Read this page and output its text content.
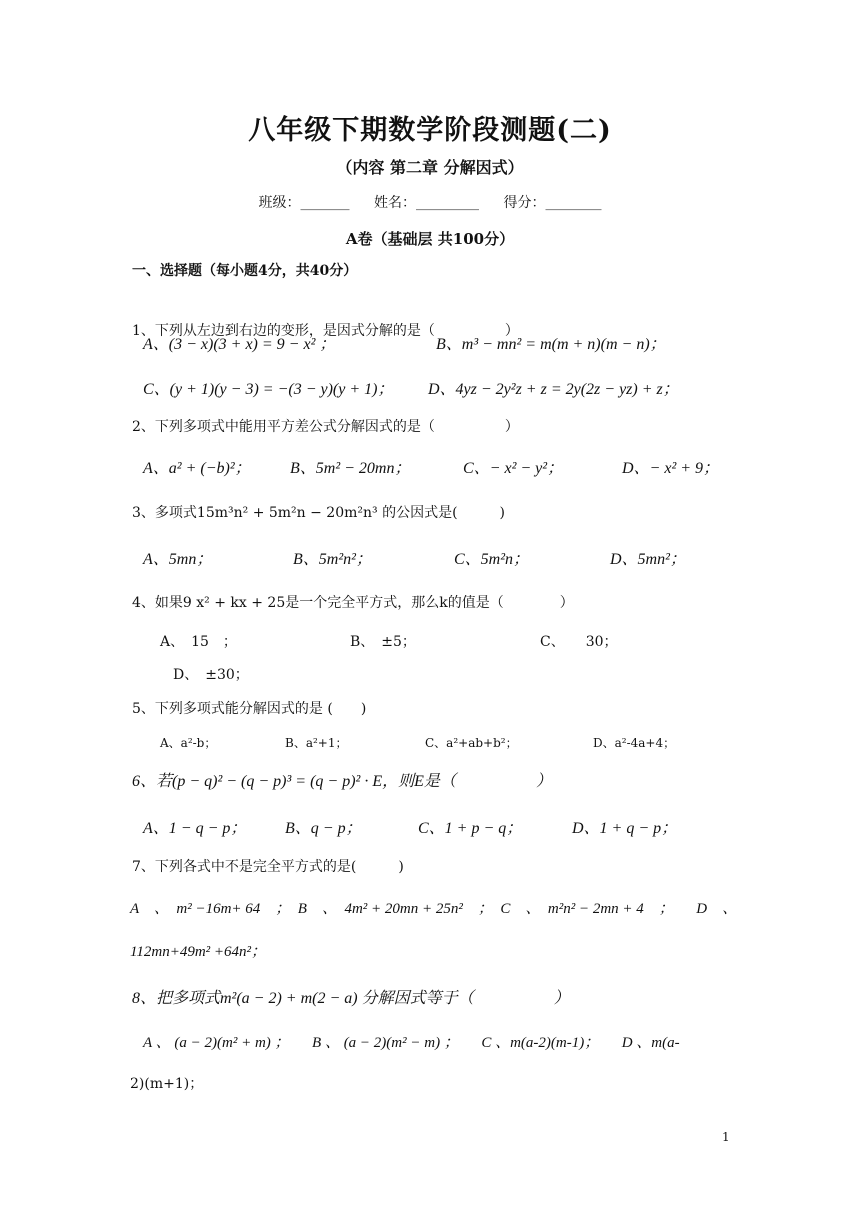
八年级下期数学阶段测题(二)
（内容 第二章 分解因式）
班级：_______ 姓名：_________ 得分：________
A卷（基础层 共100分）
一、选择题（每小题4分，共40分）
1、下列从左边到右边的变形，是因式分解的是（　　　　　）
A、(3 − x)(3 + x) = 9 − x² ；	B、m³ − mn² = m(m + n)(m − n)；
C、(y + 1)(y − 3) = −(3 − y)(y + 1)； D、4yz − 2y²z + z = 2y(2z − yz) + z；
2、下列多项式中能用平方差公式分解因式的是（　　　　　）
A、a² + (−b)²； B、5m² − 20mn；	C、− x² − y²；	D、− x² + 9；
3、多项式15m³n² + 5m²n − 20m²n³ 的公因式是(　　　)
A、5mn；	B、5m²n²；	C、5m²n；	D、5mn²；
4、如果9 x² + kx + 25是一个完全平方式，那么k的值是（　　　　）
A、　15　；	B、　±5；	C、　　30；
D、　±30；
5、下列多项式能分解因式的是 (　　)
A、a²-b；	B、a²+1；	C、a²+ab+b²；	D、a²-4a+4；
6、若(p − q)² − (q − p)³ = (q − p)² · E，则E是（　　　　　）
A、1 − q − p； B、q − p；	C、1 + p − q；	D、1 + q − p；
7、下列各式中不是完全平方式的是(　　　)
A　、　m² −16m+ 64　；　B　、　4m² + 20mn + 25n²　；　C　、　m²n² − 2mn + 4　；　　D　、
112mn+49m² +64n²；
8、把多项式m²(a − 2) + m(2 − a) 分解因式等于（　　　　　）
A 、 (a − 2)(m² + m) ；　　B 、 (a − 2)(m² − m) ；　　C 、m(a-2)(m-1)；　　D 、m(a-
2)(m+1)；
1
